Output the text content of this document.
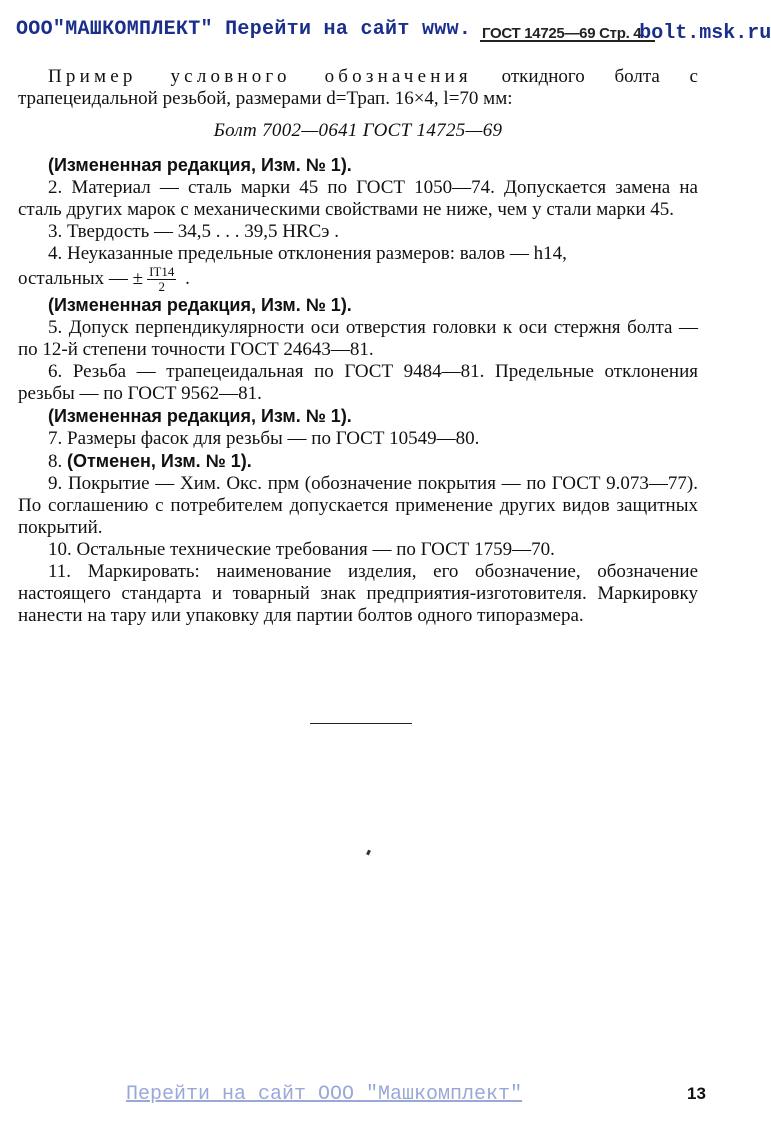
ООО"МАШКОМПЛЕКТ" Перейти на сайт www. ГОСТ 14725—69 Стр. 4 bolt.msk.ru

Пример условного обозначения откидного болта с трапецеидальной резьбой, размерами d=Трап. 16×4, l=70 мм:

Болт 7002—0641 ГОСТ 14725—69

(Измененная редакция, Изм. № 1).

2. Материал — сталь марки 45 по ГОСТ 1050—74. Допускается замена на сталь других марок с механическими свойствами не ниже, чем у стали марки 45.

3. Твердость — 34,5 . . . 39,5 HRCэ .

4. Неуказанные предельные отклонения размеров: валов — h14,

остальных — ± $\frac{IT14}{2}$ .

(Измененная редакция, Изм. № 1).

5. Допуск перпендикулярности оси отверстия головки к оси стержня болта — по 12-й степени точности ГОСТ 24643—81.

6. Резьба — трапецеидальная по ГОСТ 9484—81. Предельные отклонения резьбы — по ГОСТ 9562—81.

(Измененная редакция, Изм. № 1).

7. Размеры фасок для резьбы — по ГОСТ 10549—80.

8. (Отменен, Изм. № 1).

9. Покрытие — Хим. Окс. прм (обозначение покрытия — по ГОСТ 9.073—77). По соглашению с потребителем допускается применение других видов защитных покрытий.

10. Остальные технические требования — по ГОСТ 1759—70.

11. Маркировать: наименование изделия, его обозначение, обозначение настоящего стандарта и товарный знак предприятия-изготовителя. Маркировку нанести на тару или упаковку для партии болтов одного типоразмера.

Перейти на сайт ООО "Машкомплект"	13
